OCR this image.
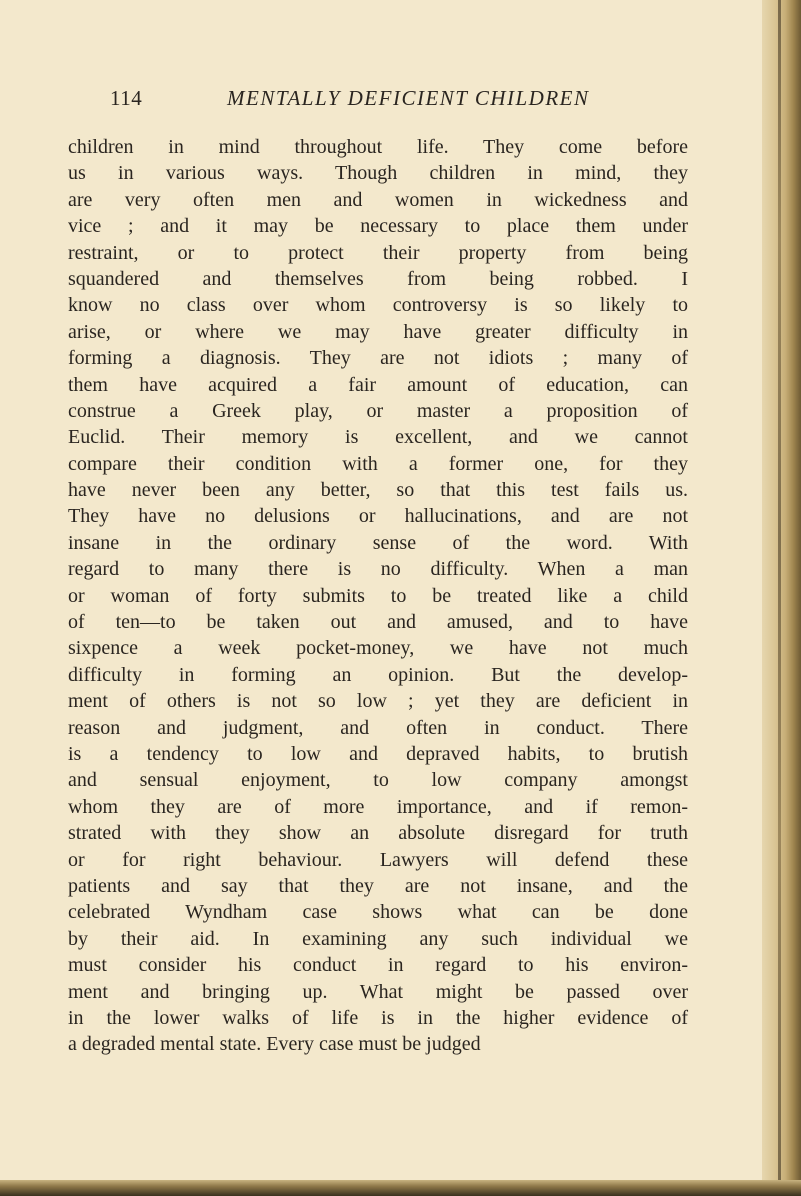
114	MENTALLY DEFICIENT CHILDREN
children in mind throughout life. They come before
us in various ways. Though children in mind, they
are very often men and women in wickedness and
vice ; and it may be necessary to place them under
restraint, or to protect their property from being
squandered and themselves from being robbed. I
know no class over whom controversy is so likely to
arise, or where we may have greater difficulty in
forming a diagnosis. They are not idiots ; many of
them have acquired a fair amount of education, can
construe a Greek play, or master a proposition of
Euclid. Their memory is excellent, and we cannot
compare their condition with a former one, for they
have never been any better, so that this test fails us.
They have no delusions or hallucinations, and are not
insane in the ordinary sense of the word. With
regard to many there is no difficulty. When a man
or woman of forty submits to be treated like a child
of ten—to be taken out and amused, and to have
sixpence a week pocket-money, we have not much
difficulty in forming an opinion. But the develop-
ment of others is not so low ; yet they are deficient in
reason and judgment, and often in conduct. There
is a tendency to low and depraved habits, to brutish
and sensual enjoyment, to low company amongst
whom they are of more importance, and if remon-
strated with they show an absolute disregard for truth
or for right behaviour. Lawyers will defend these
patients and say that they are not insane, and the
celebrated Wyndham case shows what can be done
by their aid. In examining any such individual we
must consider his conduct in regard to his environ-
ment and bringing up. What might be passed over
in the lower walks of life is in the higher evidence of
a degraded mental state. Every case must be judged
